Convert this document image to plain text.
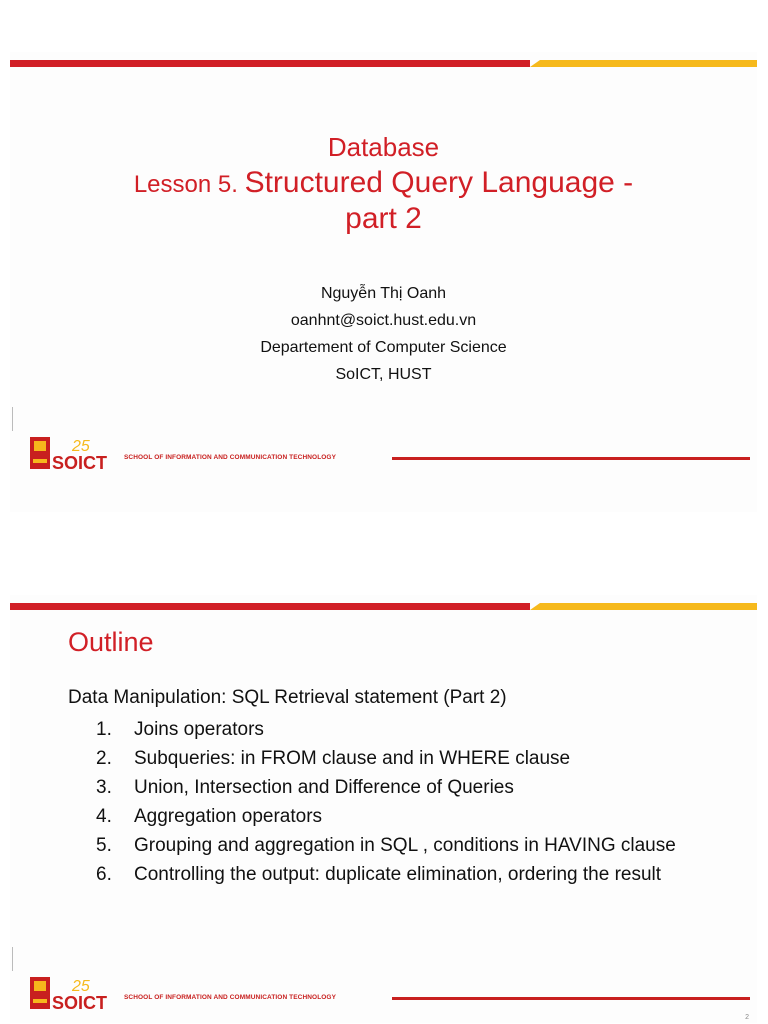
Database
Lesson 5. Structured Query Language -
part 2
Nguyễn Thị Oanh
oanhnt@soict.hust.edu.vn
Departement of Computer Science
SoICT, HUST
25
SOICT	SCHOOL OF INFORMATION AND COMMUNICATION TECHNOLOGY
Outline
Data Manipulation: SQL Retrieval statement (Part 2)
1.	Joins operators
2.	Subqueries: in FROM clause and in WHERE clause
3.	Union, Intersection and Difference of Queries
4.	Aggregation operators
5.	Grouping and aggregation in SQL , conditions in HAVING clause
6.	Controlling the output: duplicate elimination, ordering the result
25
SOICT	SCHOOL OF INFORMATION AND COMMUNICATION TECHNOLOGY
2
